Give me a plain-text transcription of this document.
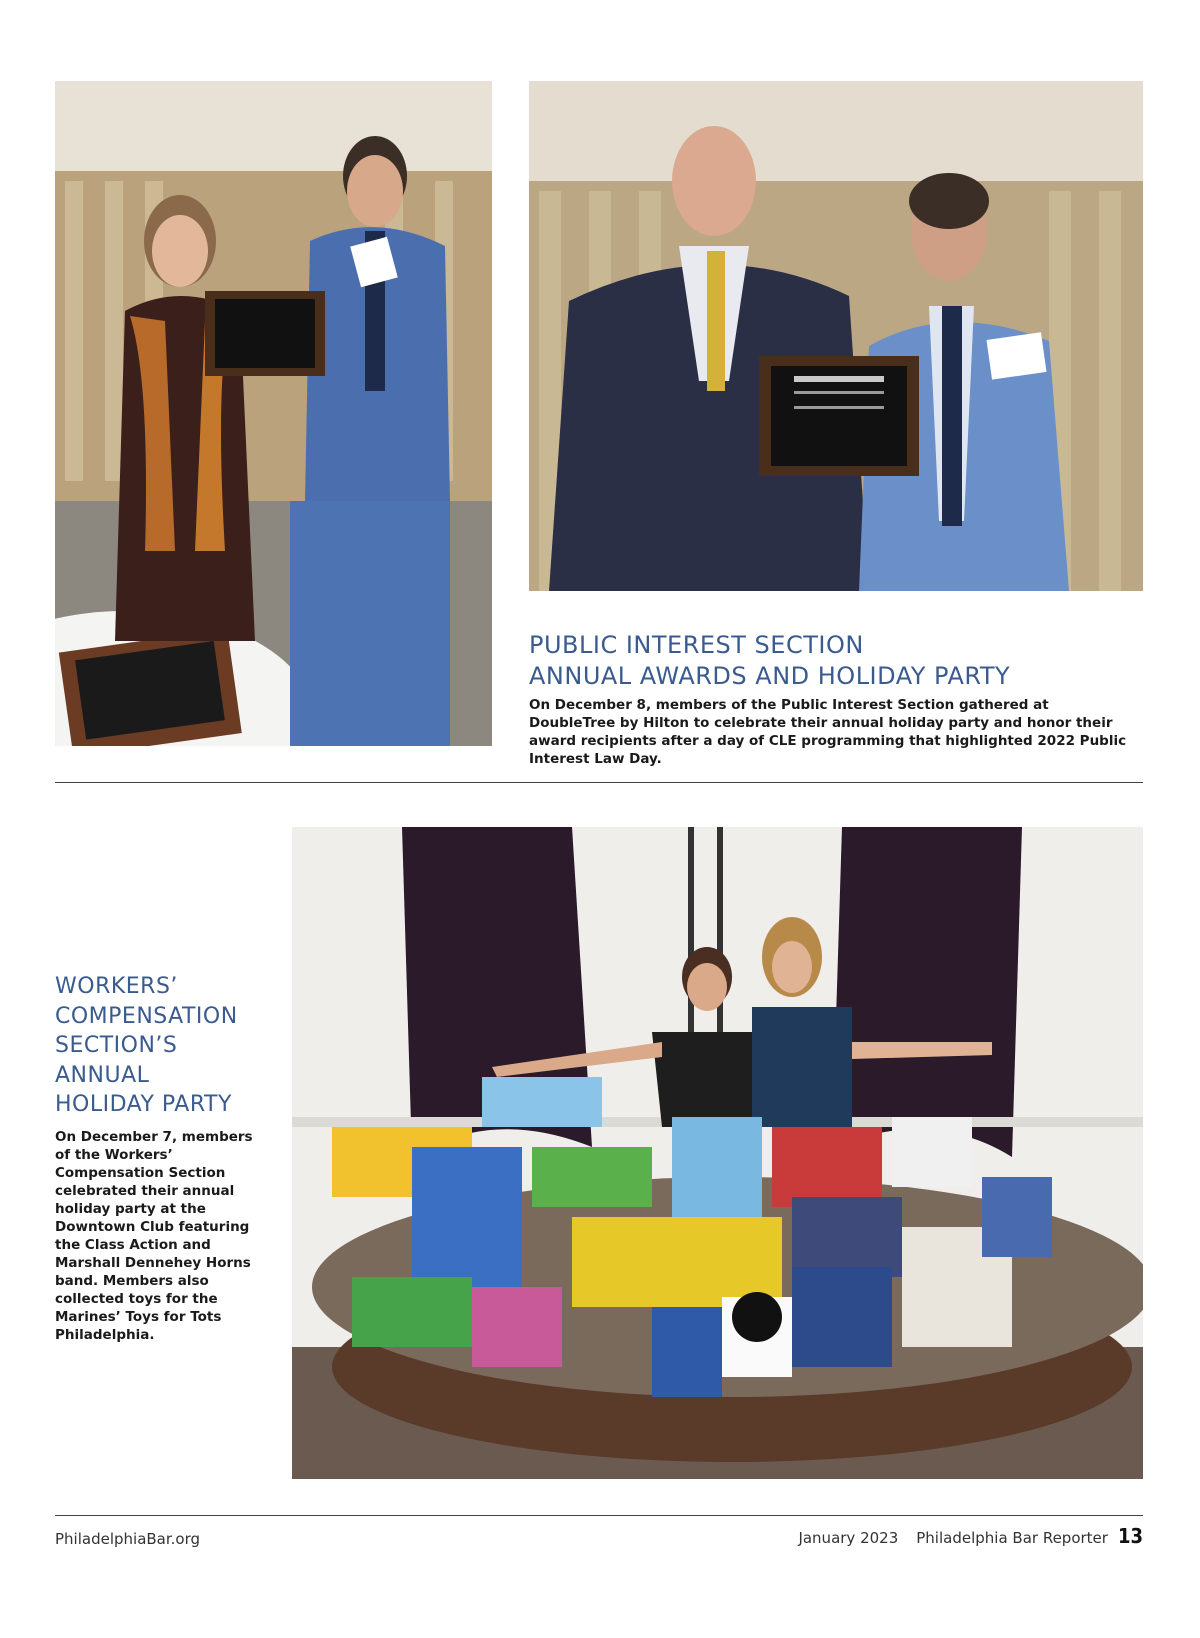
PUBLIC INTEREST SECTION
ANNUAL AWARDS AND HOLIDAY PARTY

On December 8, members of the Public Interest Section gathered at DoubleTree by Hilton to celebrate their annual holiday party and honor their award recipients after a day of CLE programming that highlighted 2022 Public Interest Law Day.

WORKERS’
COMPENSATION
SECTION’S
ANNUAL
HOLIDAY PARTY

On December 7, members of the Workers’ Compensation Section celebrated their annual holiday party at the Downtown Club featuring the Class Action and Marshall Dennehey Horns band. Members also collected toys for the Marines’ Toys for Tots Philadelphia.

PhiladelphiaBar.org	January 2023 Philadelphia Bar Reporter 13
